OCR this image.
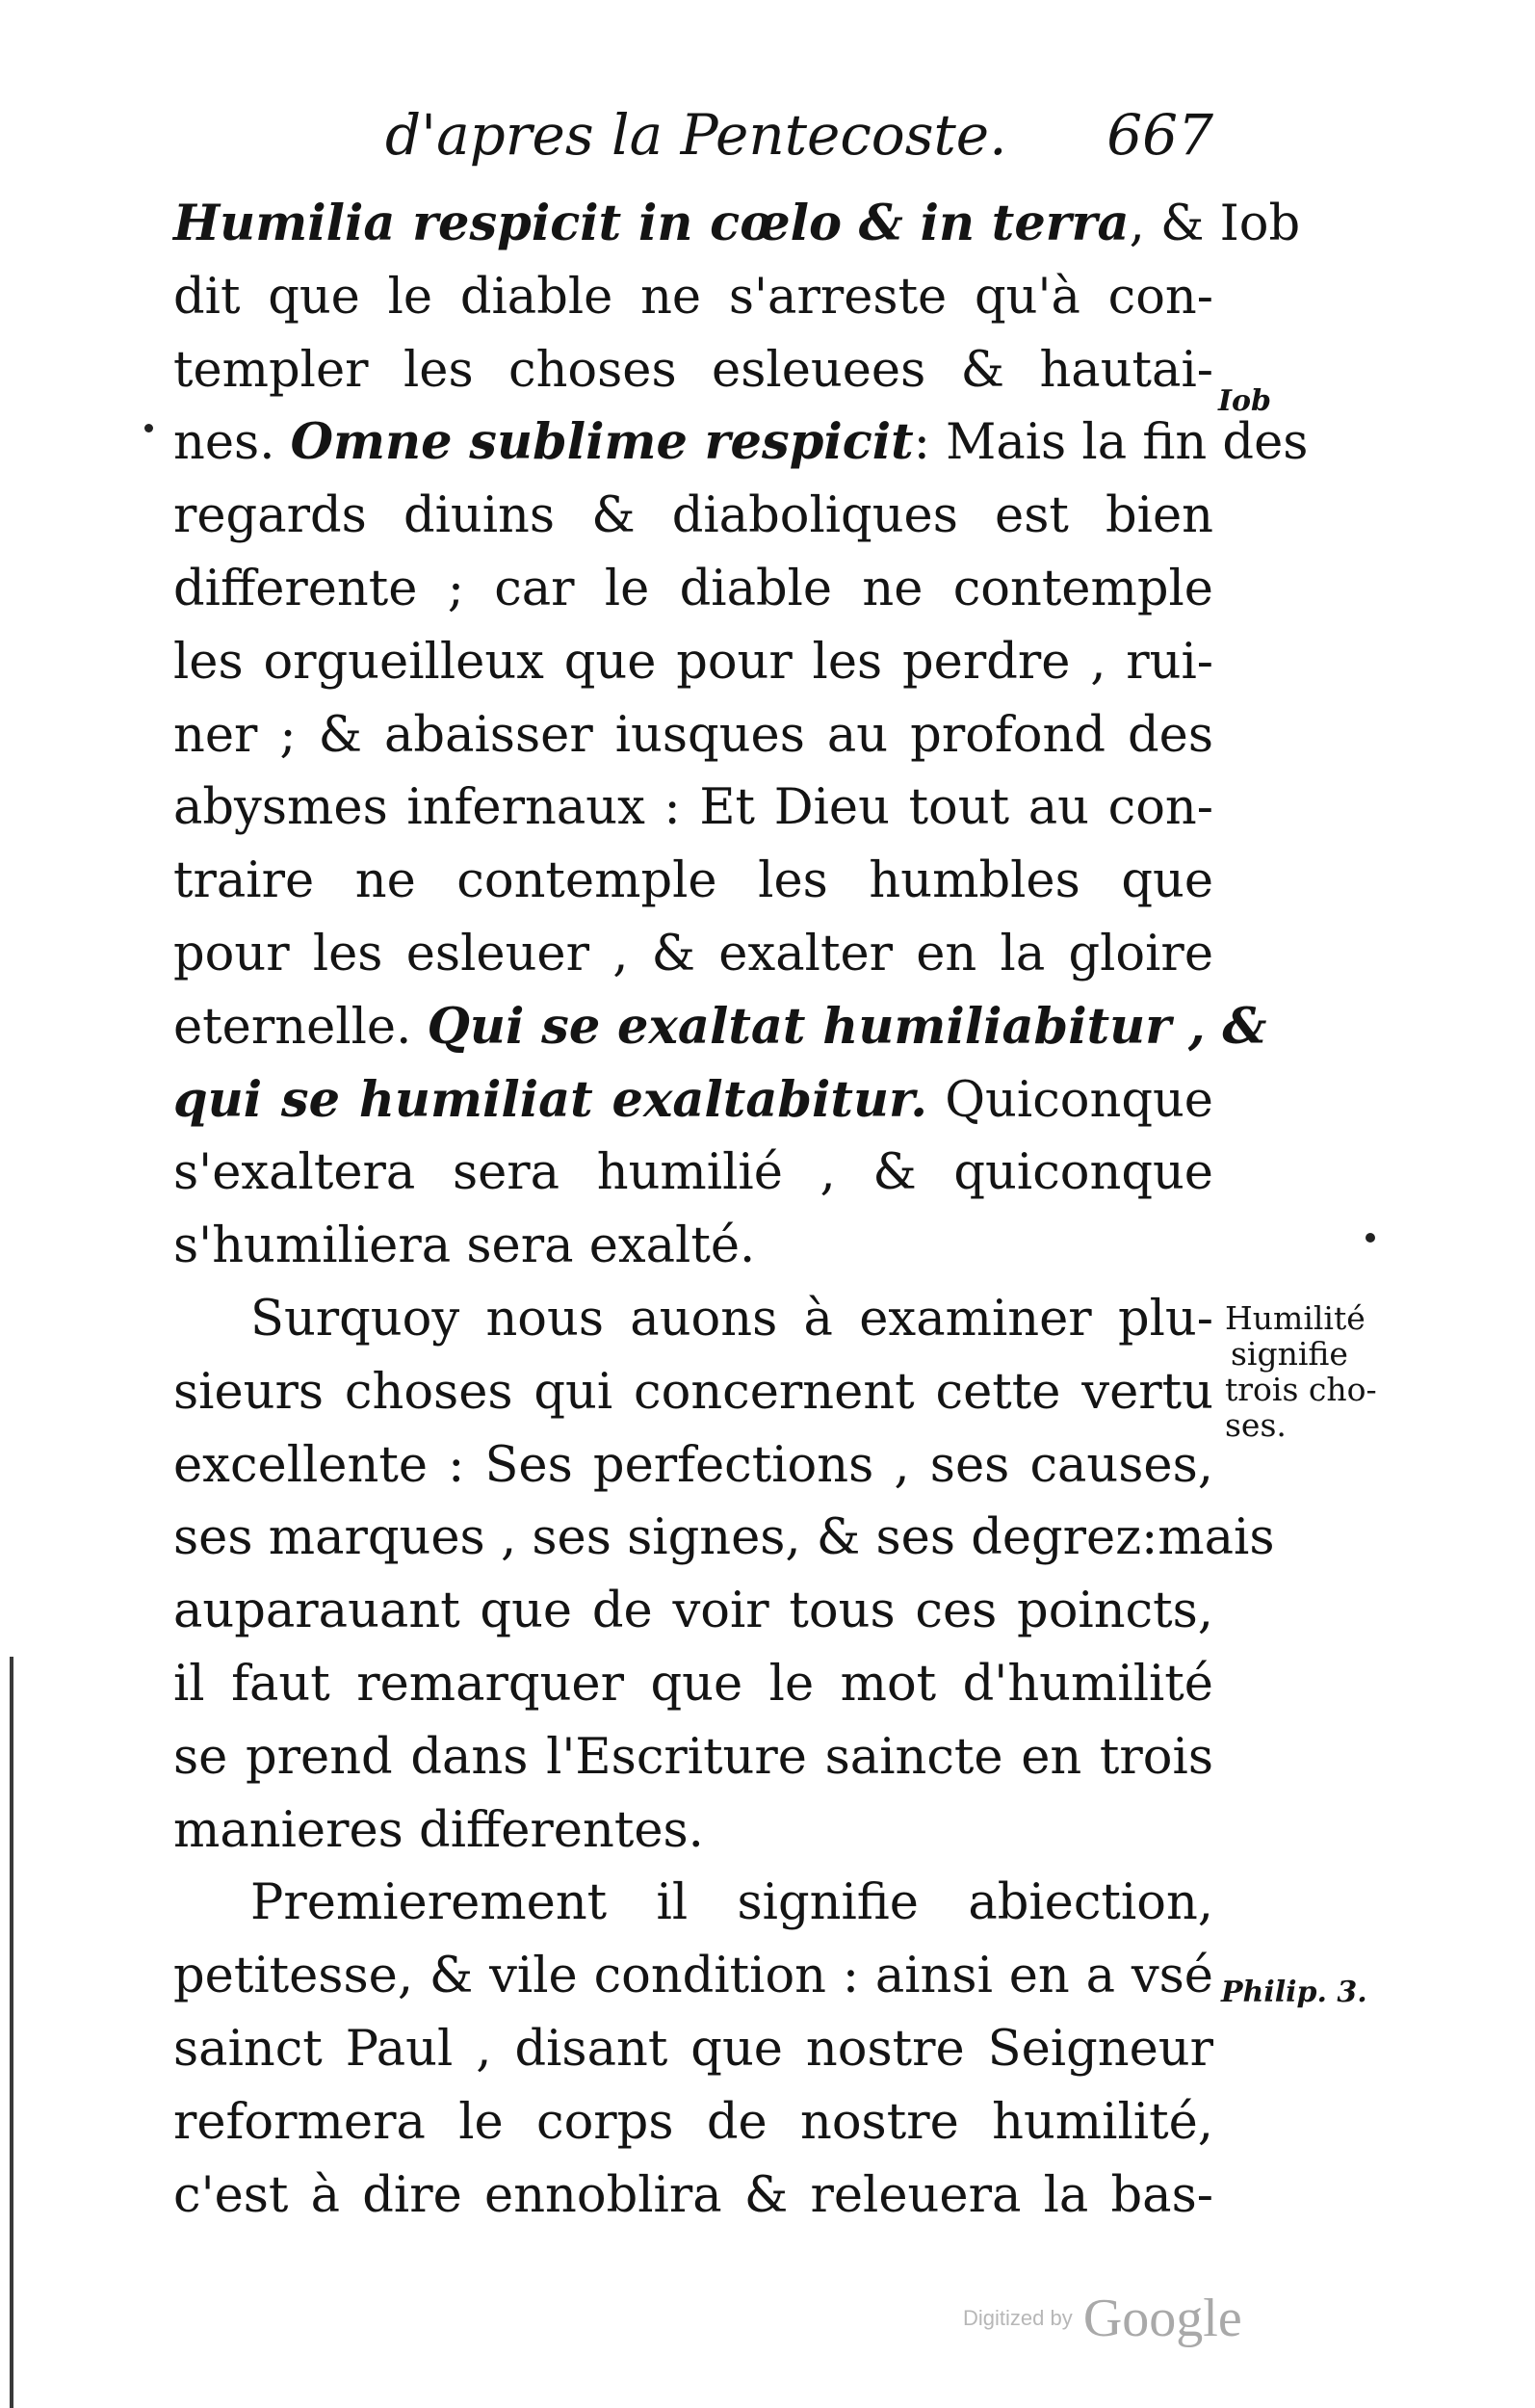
d'apres la Pentecoste. 667
Humilia respicit in cœlo & in terra, & Iob
dit que le diable ne s'arreste qu'à con-
templer les choses esleuees & hautai-
nes. Omne sublime respicit: Mais la fin des
regards diuins & diaboliques est bien
differente ; car le diable ne contemple
les orgueilleux que pour les perdre , rui-
ner ; & abaisser iusques au profond des
abysmes infernaux : Et Dieu tout au con-
traire ne contemple les humbles que
pour les esleuer , & exalter en la gloire
eternelle. Qui se exaltat humiliabitur , &
qui se humiliat exaltabitur. Quiconque
s'exaltera sera humilié , & quiconque
s'humiliera sera exalté.
Surquoy nous auons à examiner plu-
sieurs choses qui concernent cette vertu
excellente : Ses perfections , ses causes,
ses marques , ses signes, & ses degrez:mais
auparauant que de voir tous ces poincts,
il faut remarquer que le mot d'humilité
se prend dans l'Escriture saincte en trois
manieres differentes.
Premierement il signifie abiection,
petitesse, & vile condition : ainsi en a vsé
sainct Paul , disant que nostre Seigneur
reformera le corps de nostre humilité,
c'est à dire ennoblira & releuera la bas-
Iob
Humilité
signifie
trois cho-
ses.
Philip. 3.
Digitized by Google
